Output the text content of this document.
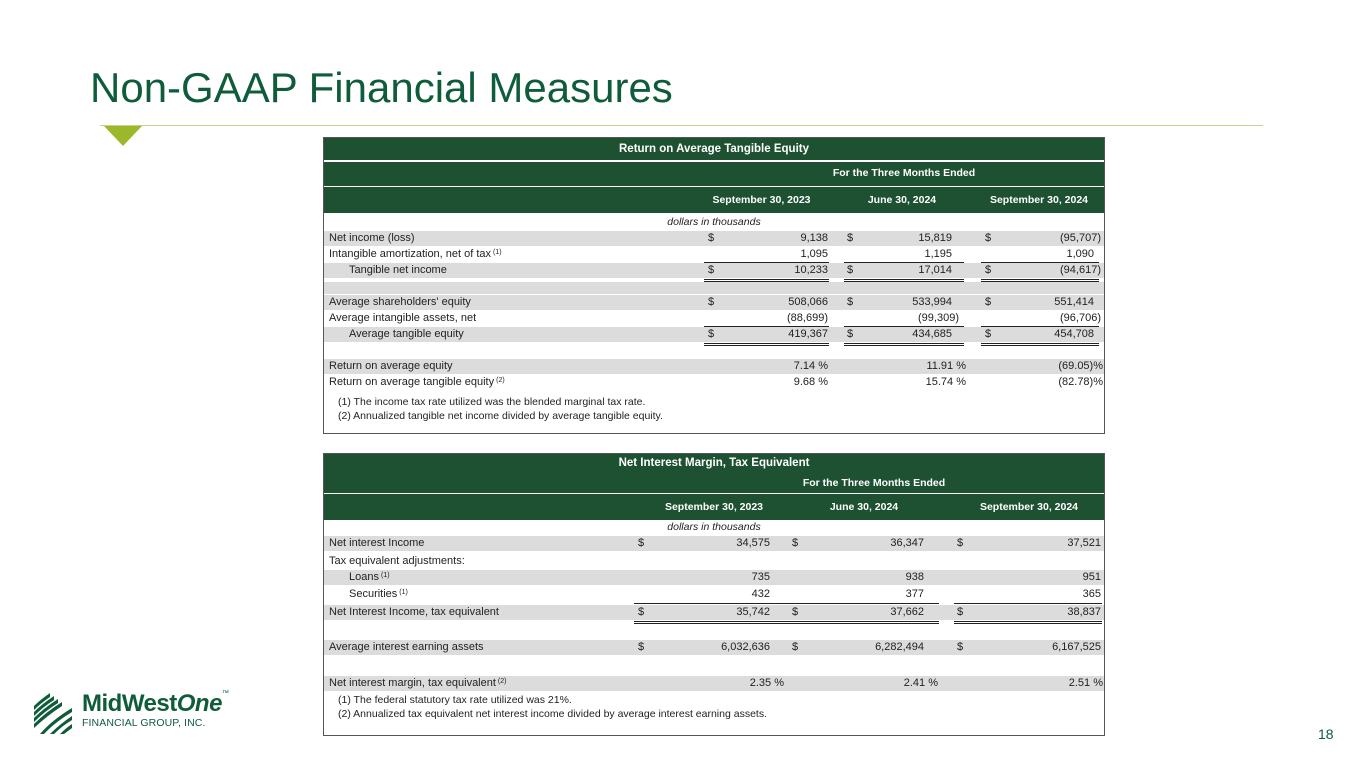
Non-GAAP Financial Measures
Return on Average Tangible Equity
For the Three Months Ended
September 30, 2023	June 30, 2024	September 30, 2024
dollars in thousands
Net income (loss)	$	9,138 $	15,819	$	(95,707)
Intangible amortization, net of tax $^{(1)}$	1,095	1,195	1,090
Tangible net income	$	10,233 $	17,014	$	(94,617)
Average shareholders' equity	$	508,066 $	533,994	$	551,414
Average intangible assets, net	(88,699)	(99,309)	(96,706)
Average tangible equity	$	419,367 $	434,685	$	454,708
Return on average equity	7.14 %	11.91 %	(69.05)%
Return on average tangible equity $^{(2)}$	9.68 %	15.74 %	(82.78)%
(1) The income tax rate utilized was the blended marginal tax rate.
(2) Annualized tangible net income divided by average tangible equity.
Net Interest Margin, Tax Equivalent
For the Three Months Ended
September 30, 2023	June 30, 2024	September 30, 2024
dollars in thousands
Net interest Income	$	34,575 $	36,347	$	37,521
Tax equivalent adjustments:
Loans $^{(1)}$	735	938	951
Securities $^{(1)}$	432	377	365
Net Interest Income, tax equivalent	$	35,742 $	37,662	$	38,837
Average interest earning assets	$	6,032,636 $	6,282,494	$	6,167,525
Net interest margin, tax equivalent $^{(2)}$	2.35 %	2.41 %	2.51 %
(1) The federal statutory tax rate utilized was 21%.
(2) Annualized tax equivalent net interest income divided by average interest earning assets.
MidWestOne™
FINANCIAL GROUP, INC.
18
